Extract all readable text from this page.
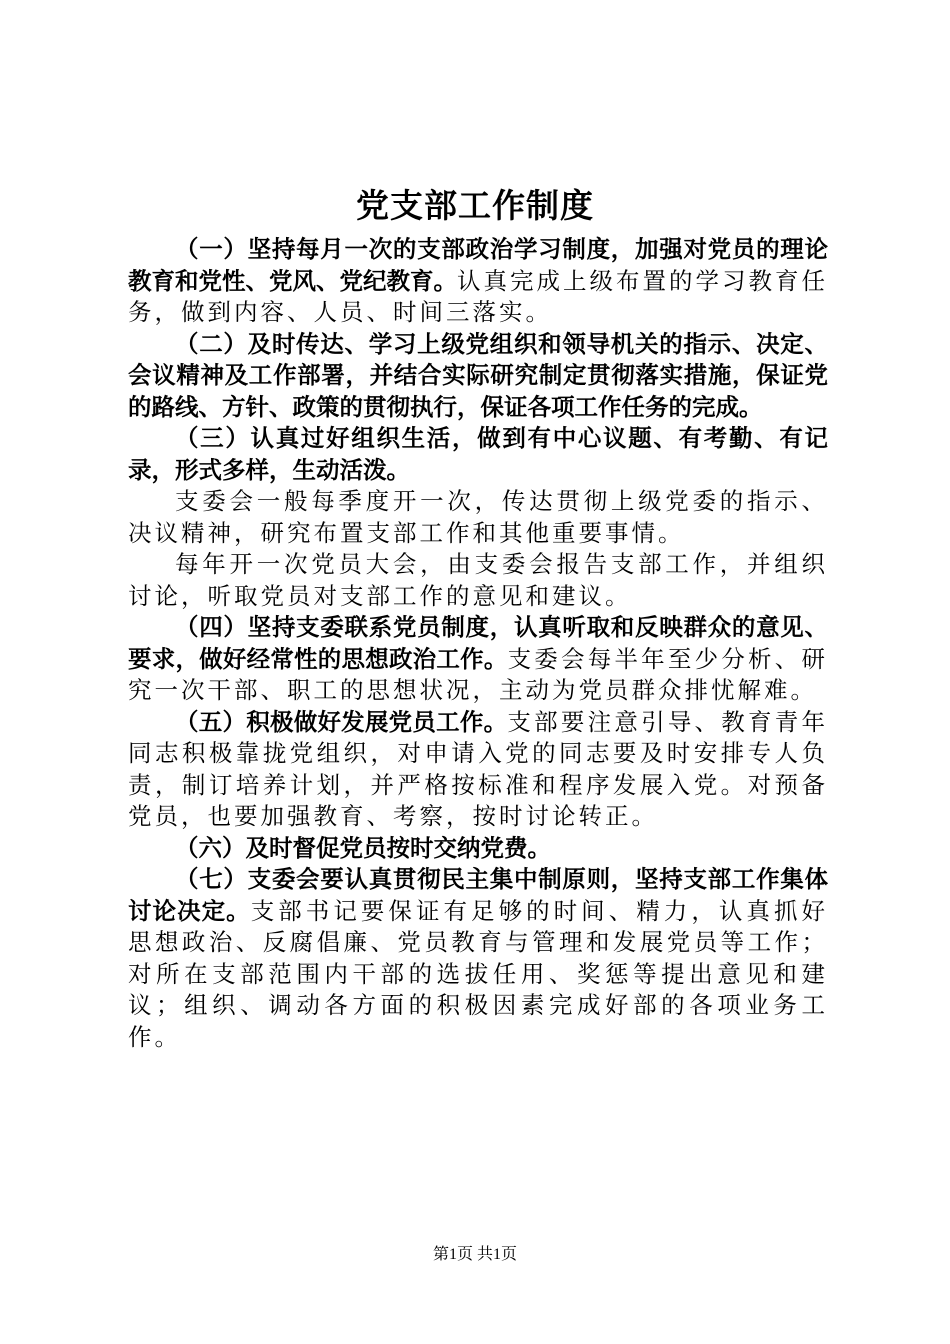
党支部工作制度

（一）坚持每月一次的支部政治学习制度，加强对党员的理论教育和党性、党风、党纪教育。认真完成上级布置的学习教育任务，做到内容、人员、时间三落实。

（二）及时传达、学习上级党组织和领导机关的指示、决定、会议精神及工作部署，并结合实际研究制定贯彻落实措施，保证党的路线、方针、政策的贯彻执行，保证各项工作任务的完成。

（三）认真过好组织生活，做到有中心议题、有考勤、有记录，形式多样，生动活泼。

支委会一般每季度开一次，传达贯彻上级党委的指示、决议精神，研究布置支部工作和其他重要事情。

每年开一次党员大会，由支委会报告支部工作，并组织讨论，听取党员对支部工作的意见和建议。

（四）坚持支委联系党员制度，认真听取和反映群众的意见、要求，做好经常性的思想政治工作。支委会每半年至少分析、研究一次干部、职工的思想状况，主动为党员群众排忧解难。

（五）积极做好发展党员工作。支部要注意引导、教育青年同志积极靠拢党组织，对申请入党的同志要及时安排专人负责，制订培养计划，并严格按标准和程序发展入党。对预备党员，也要加强教育、考察，按时讨论转正。

（六）及时督促党员按时交纳党费。

（七）支委会要认真贯彻民主集中制原则，坚持支部工作集体讨论决定。支部书记要保证有足够的时间、精力，认真抓好思想政治、反腐倡廉、党员教育与管理和发展党员等工作；对所在支部范围内干部的选拔任用、奖惩等提出意见和建议；组织、调动各方面的积极因素完成好部的各项业务工作。

第1页 共1页
